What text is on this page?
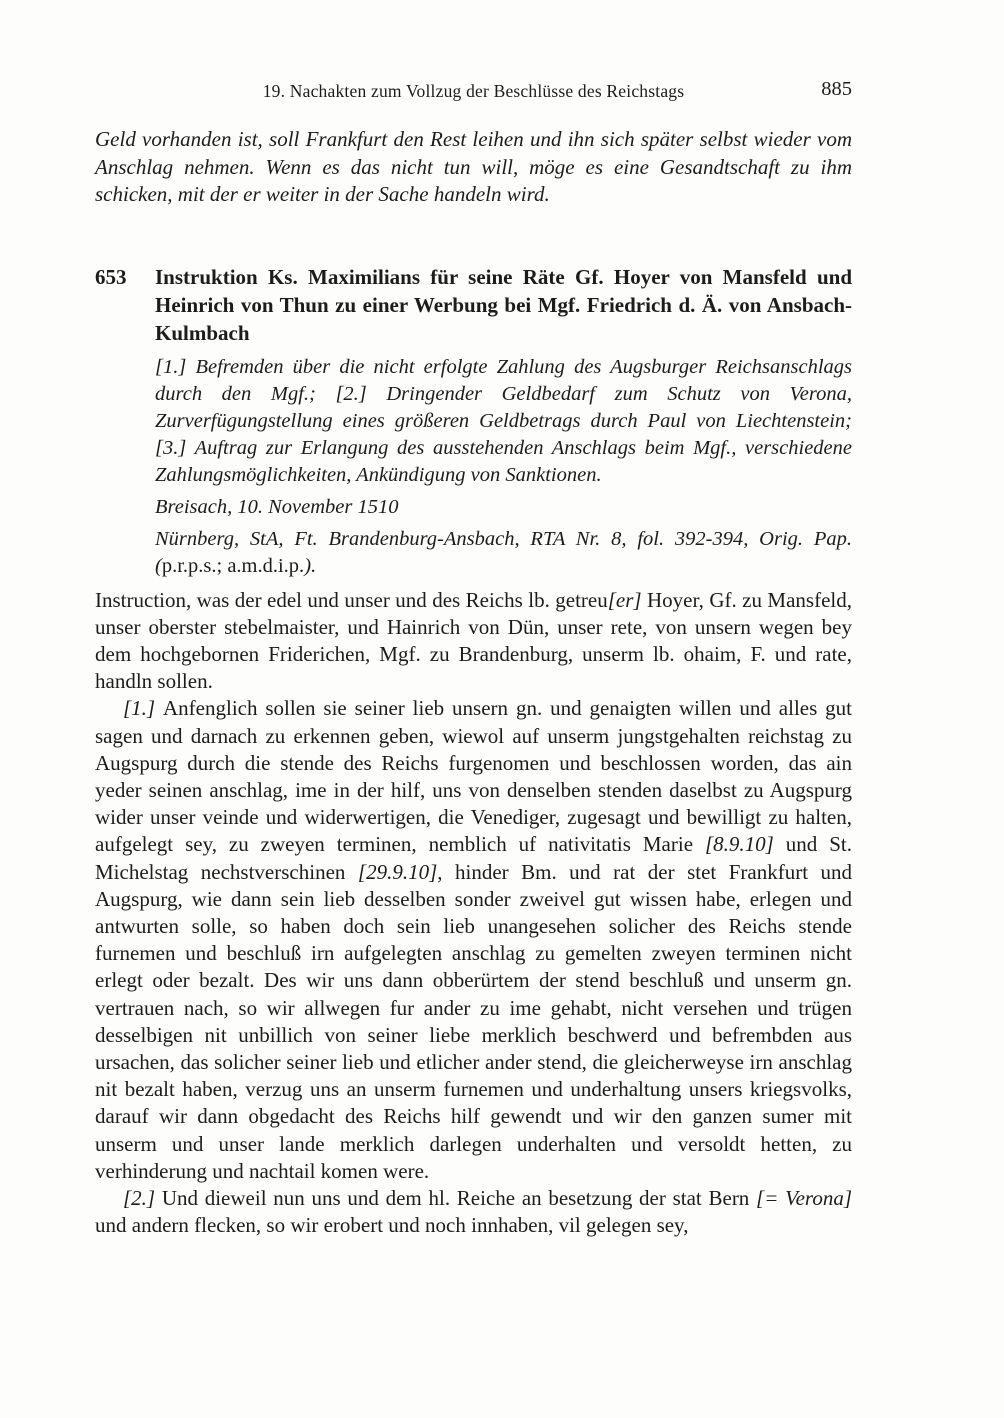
19. Nachakten zum Vollzug der Beschlüsse des Reichstags	885

Geld vorhanden ist, soll Frankfurt den Rest leihen und ihn sich später selbst wieder vom Anschlag nehmen. Wenn es das nicht tun will, möge es eine Gesandtschaft zu ihm schicken, mit der er weiter in der Sache handeln wird.

653 Instruktion Ks. Maximilians für seine Räte Gf. Hoyer von Mansfeld und Heinrich von Thun zu einer Werbung bei Mgf. Friedrich d. Ä. von Ansbach-Kulmbach

[1.] Befremden über die nicht erfolgte Zahlung des Augsburger Reichsanschlags durch den Mgf.; [2.] Dringender Geldbedarf zum Schutz von Verona, Zurverfügungstellung eines größeren Geldbetrags durch Paul von Liechtenstein; [3.] Auftrag zur Erlangung des ausstehenden Anschlags beim Mgf., verschiedene Zahlungsmöglichkeiten, Ankündigung von Sanktionen.

Breisach, 10. November 1510

Nürnberg, StA, Ft. Brandenburg-Ansbach, RTA Nr. 8, fol. 392-394, Orig. Pap. (p.r.p.s.; a.m.d.i.p.).

Instruction, was der edel und unser und des Reichs lb. getreu[er] Hoyer, Gf. zu Mansfeld, unser oberster stebelmaister, und Hainrich von Dün, unser rete, von unsern wegen bey dem hochgebornen Friderichen, Mgf. zu Brandenburg, unserm lb. ohaim, F. und rate, handln sollen.

[1.] Anfenglich sollen sie seiner lieb unsern gn. und genaigten willen und alles gut sagen und darnach zu erkennen geben, wiewol auf unserm jungstgehalten reichstag zu Augspurg durch die stende des Reichs furgenomen und beschlossen worden, das ain yeder seinen anschlag, ime in der hilf, uns von denselben stenden daselbst zu Augspurg wider unser veinde und widerwertigen, die Venediger, zugesagt und bewilligt zu halten, aufgelegt sey, zu zweyen terminen, nemblich uf nativitatis Marie [8.9.10] und St. Michelstag nechstverschinen [29.9.10], hinder Bm. und rat der stet Frankfurt und Augspurg, wie dann sein lieb desselben sonder zweivel gut wissen habe, erlegen und antwurten solle, so haben doch sein lieb unangesehen solicher des Reichs stende furnemen und beschluß irn aufgelegten anschlag zu gemelten zweyen terminen nicht erlegt oder bezalt. Des wir uns dann obberürtem der stend beschluß und unserm gn. vertrauen nach, so wir allwegen fur ander zu ime gehabt, nicht versehen und trügen desselbigen nit unbillich von seiner liebe merklich beschwerd und befrembden aus ursachen, das solicher seiner lieb und etlicher ander stend, die gleicherweyse irn anschlag nit bezalt haben, verzug uns an unserm furnemen und underhaltung unsers kriegsvolks, darauf wir dann obgedacht des Reichs hilf gewendt und wir den ganzen sumer mit unserm und unser lande merklich darlegen underhalten und versoldt hetten, zu verhinderung und nachtail komen were.

[2.] Und dieweil nun uns und dem hl. Reiche an besetzung der stat Bern [= Verona] und andern flecken, so wir erobert und noch innhaben, vil gelegen sey,
